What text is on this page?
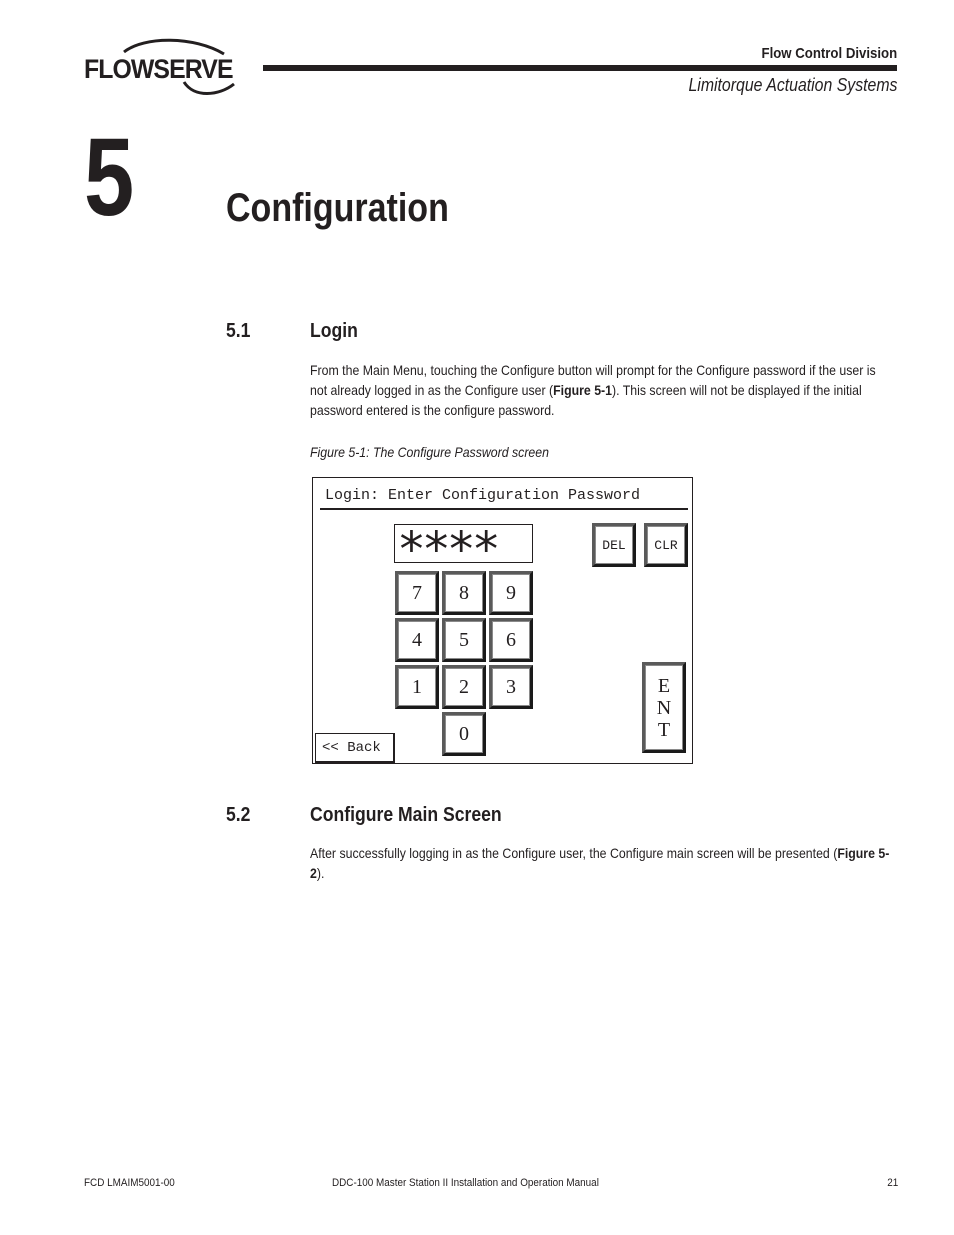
FLOWSERVE
Flow Control Division
Limitorque Actuation Systems
5 Configuration
5.1	Login
From the Main Menu, touching the Configure button will prompt for the Configure password if the user is not already logged in as the Configure user (Figure 5-1). This screen will not be displayed if the initial password entered is the configure password.
Figure 5-1: The Configure Password screen
Login: Enter Configuration Password
****	DEL CLR
7 8 9
4 5 6
1 2 3
0
E
N
T
<< Back
5.2	Configure Main Screen
After successfully logging in as the Configure user, the Configure main screen will be presented (Figure 5-2).
FCD LMAIM5001-00	DDC-100 Master Station II Installation and Operation Manual	21
